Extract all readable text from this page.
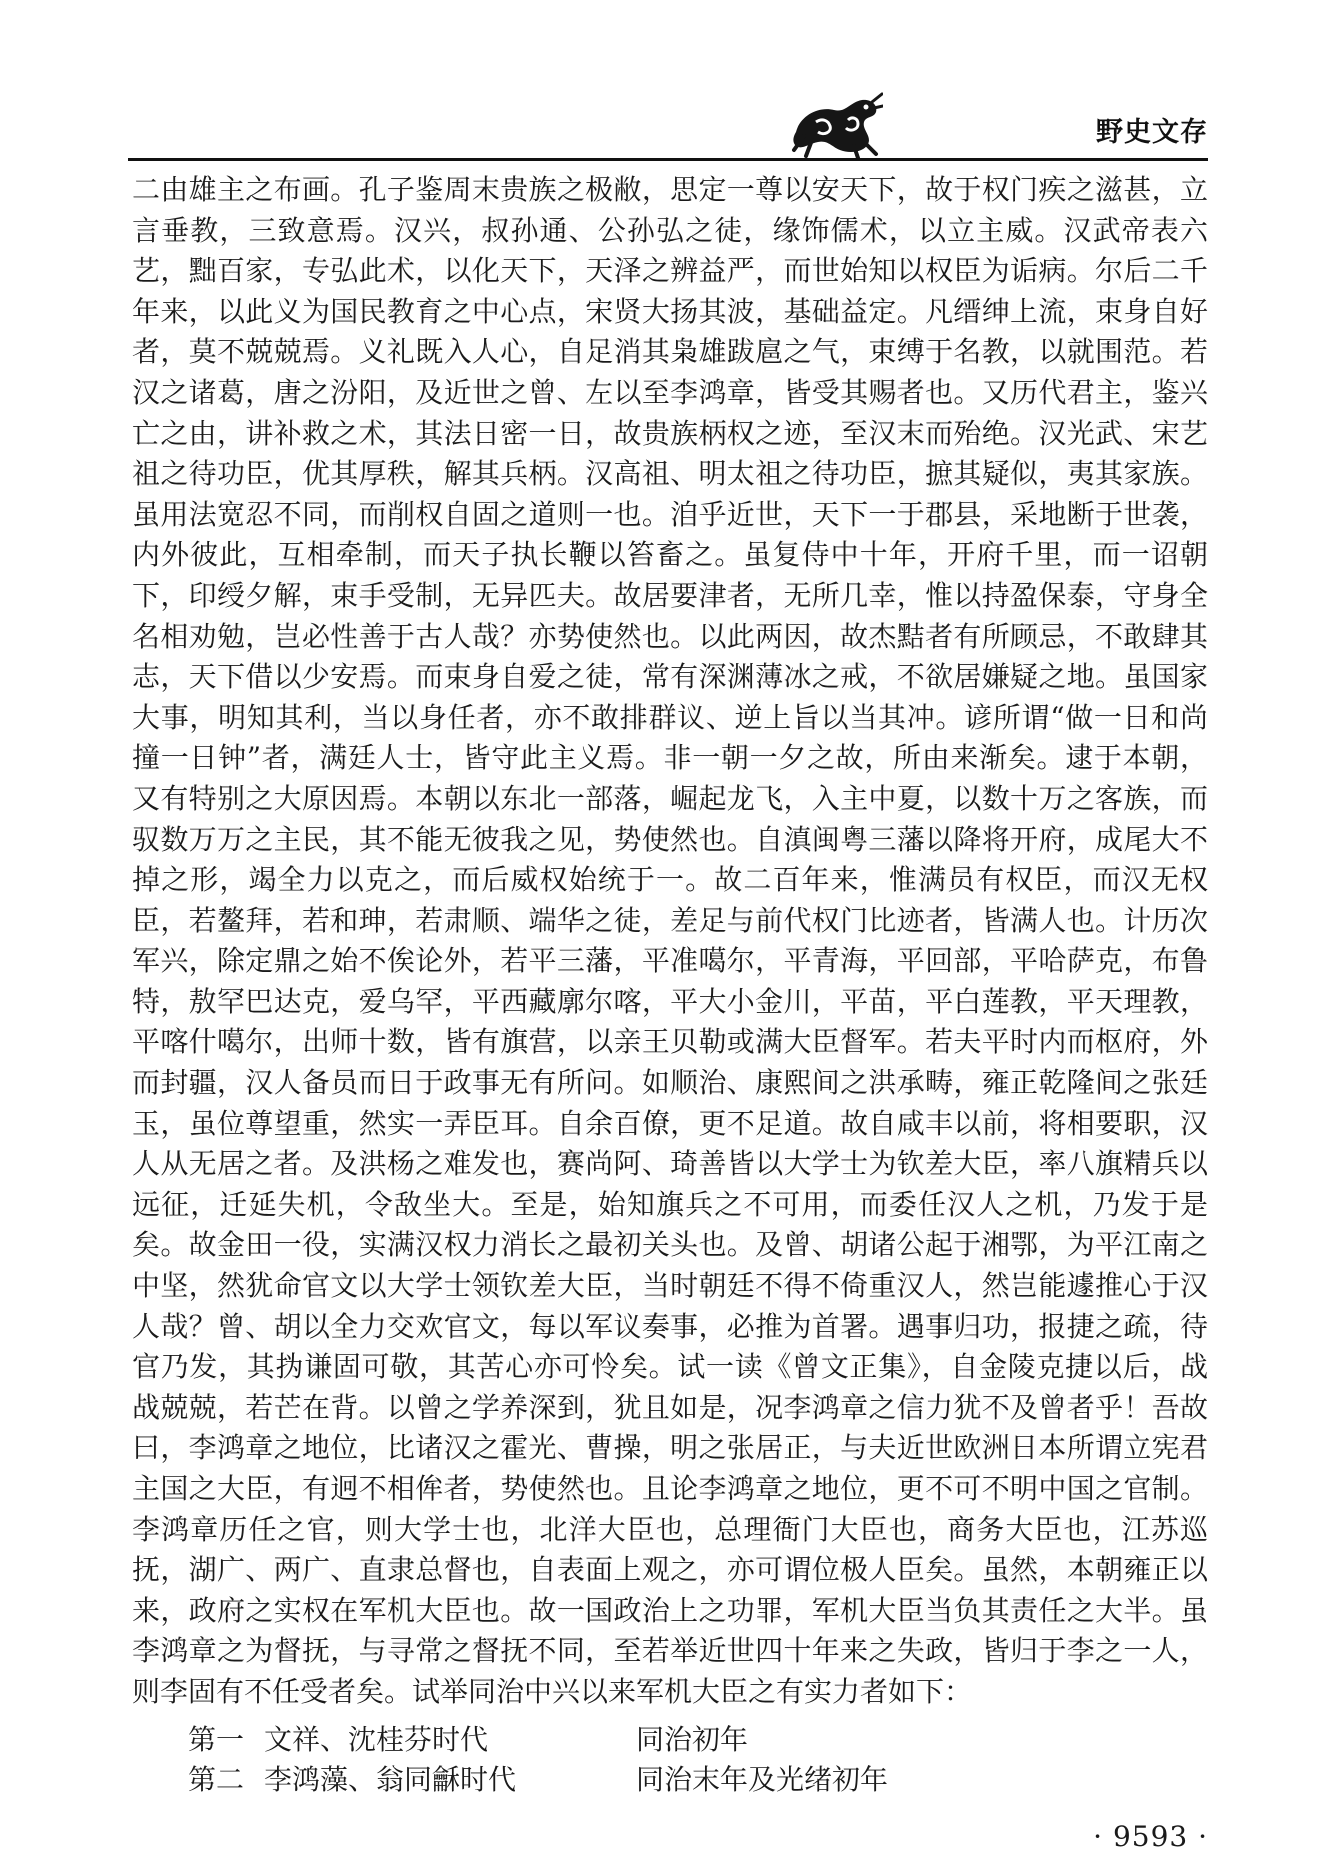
野史文存

二由雄主之布画。孔子鉴周末贵族之极敝，思定一尊以安天下，故于权门疾之滋甚，立言垂教，三致意焉。汉兴，叔孙通、公孙弘之徒，缘饰儒术，以立主威。汉武帝表六艺，黜百家，专弘此术，以化天下，天泽之辨益严，而世始知以权臣为诟病。尔后二千年来，以此义为国民教育之中心点，宋贤大扬其波，基础益定。凡缙绅上流，束身自好者，莫不兢兢焉。义礼既入人心，自足消其枭雄跋扈之气，束缚于名教，以就围范。若汉之诸葛，唐之汾阳，及近世之曾、左以至李鸿章，皆受其赐者也。又历代君主，鉴兴亡之由，讲补救之术，其法日密一日，故贵族柄权之迹，至汉末而殆绝。汉光武、宋艺祖之待功臣，优其厚秩，解其兵柄。汉高祖、明太祖之待功臣，摭其疑似，夷其家族。虽用法宽忍不同，而削权自固之道则一也。洎乎近世，天下一于郡县，采地断于世袭，内外彼此，互相牵制，而天子执长鞭以笞畜之。虽复侍中十年，开府千里，而一诏朝下，印绶夕解，束手受制，无异匹夫。故居要津者，无所几幸，惟以持盈保泰，守身全名相劝勉，岂必性善于古人哉？亦势使然也。以此两因，故杰黠者有所顾忌，不敢肆其志，天下借以少安焉。而束身自爱之徒，常有深渊薄冰之戒，不欲居嫌疑之地。虽国家大事，明知其利，当以身任者，亦不敢排群议、逆上旨以当其冲。谚所谓“做一日和尚撞一日钟”者，满廷人士，皆守此主义焉。非一朝一夕之故，所由来渐矣。逮于本朝，又有特别之大原因焉。本朝以东北一部落，崛起龙飞，入主中夏，以数十万之客族，而驭数万万之主民，其不能无彼我之见，势使然也。自滇闽粤三藩以降将开府，成尾大不掉之形，竭全力以克之，而后威权始统于一。故二百年来，惟满员有权臣，而汉无权臣，若鳌拜，若和珅，若肃顺、端华之徒，差足与前代权门比迹者，皆满人也。计历次军兴，除定鼎之始不俟论外，若平三藩，平准噶尔，平青海，平回部，平哈萨克，布鲁特，敖罕巴达克，爱乌罕，平西藏廓尔喀，平大小金川，平苗，平白莲教，平天理教，平喀什噶尔，出师十数，皆有旗营，以亲王贝勒或满大臣督军。若夫平时内而枢府，外而封疆，汉人备员而日于政事无有所问。如顺治、康熙间之洪承畴，雍正乾隆间之张廷玉，虽位尊望重，然实一弄臣耳。自余百僚，更不足道。故自咸丰以前，将相要职，汉人从无居之者。及洪杨之难发也，赛尚阿、琦善皆以大学士为钦差大臣，率八旗精兵以远征，迁延失机，令敌坐大。至是，始知旗兵之不可用，而委任汉人之机，乃发于是矣。故金田一役，实满汉权力消长之最初关头也。及曾、胡诸公起于湘鄂，为平江南之中坚，然犹命官文以大学士领钦差大臣，当时朝廷不得不倚重汉人，然岂能遽推心于汉人哉？曾、胡以全力交欢官文，每以军议奏事，必推为首署。遇事归功，报捷之疏，待官乃发，其㧑谦固可敬，其苦心亦可怜矣。试一读《曾文正集》，自金陵克捷以后，战战兢兢，若芒在背。以曾之学养深到，犹且如是，况李鸿章之信力犹不及曾者乎！吾故曰，李鸿章之地位，比诸汉之霍光、曹操，明之张居正，与夫近世欧洲日本所谓立宪君主国之大臣，有迥不相侔者，势使然也。且论李鸿章之地位，更不可不明中国之官制。李鸿章历任之官，则大学士也，北洋大臣也，总理衙门大臣也，商务大臣也，江苏巡抚，湖广、两广、直隶总督也，自表面上观之，亦可谓位极人臣矣。虽然，本朝雍正以来，政府之实权在军机大臣也。故一国政治上之功罪，军机大臣当负其责任之大半。虽李鸿章之为督抚，与寻常之督抚不同，至若举近世四十年来之失政，皆归于李之一人，则李固有不任受者矣。试举同治中兴以来军机大臣之有实力者如下：

第一 文祥、沈桂芬时代	同治初年
第二 李鸿藻、翁同龢时代	同治末年及光绪初年
· 9593 ·
